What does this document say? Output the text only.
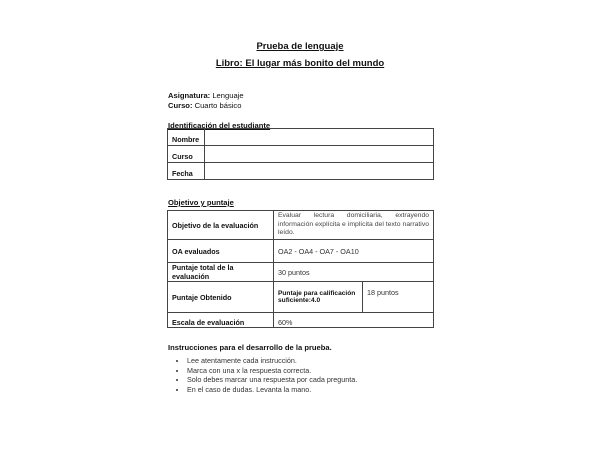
Prueba de lenguaje
Libro: El lugar más bonito del mundo
Asignatura: Lenguaje
Curso: Cuarto básico
Identificación del estudiante
Nombre	
Curso	
Fecha	
Objetivo y puntaje
Objetivo de la evaluación	Evaluar lectura domiciliaria, extrayendo información explícita e implícita del texto narrativo leído.	
OA evaluados	OA2 - OA4 - OA7 - OA10	
Puntaje total de la evaluación	30 puntos	
Puntaje Obtenido	Puntaje para calificación suficiente:4.0	18 puntos
Escala de evaluación	60%	
Instrucciones para el desarrollo de la prueba.
• Lee atentamente cada instrucción.
• Marca con una x la respuesta correcta.
• Solo debes marcar una respuesta por cada pregunta.
• En el caso de dudas. Levanta la mano.
